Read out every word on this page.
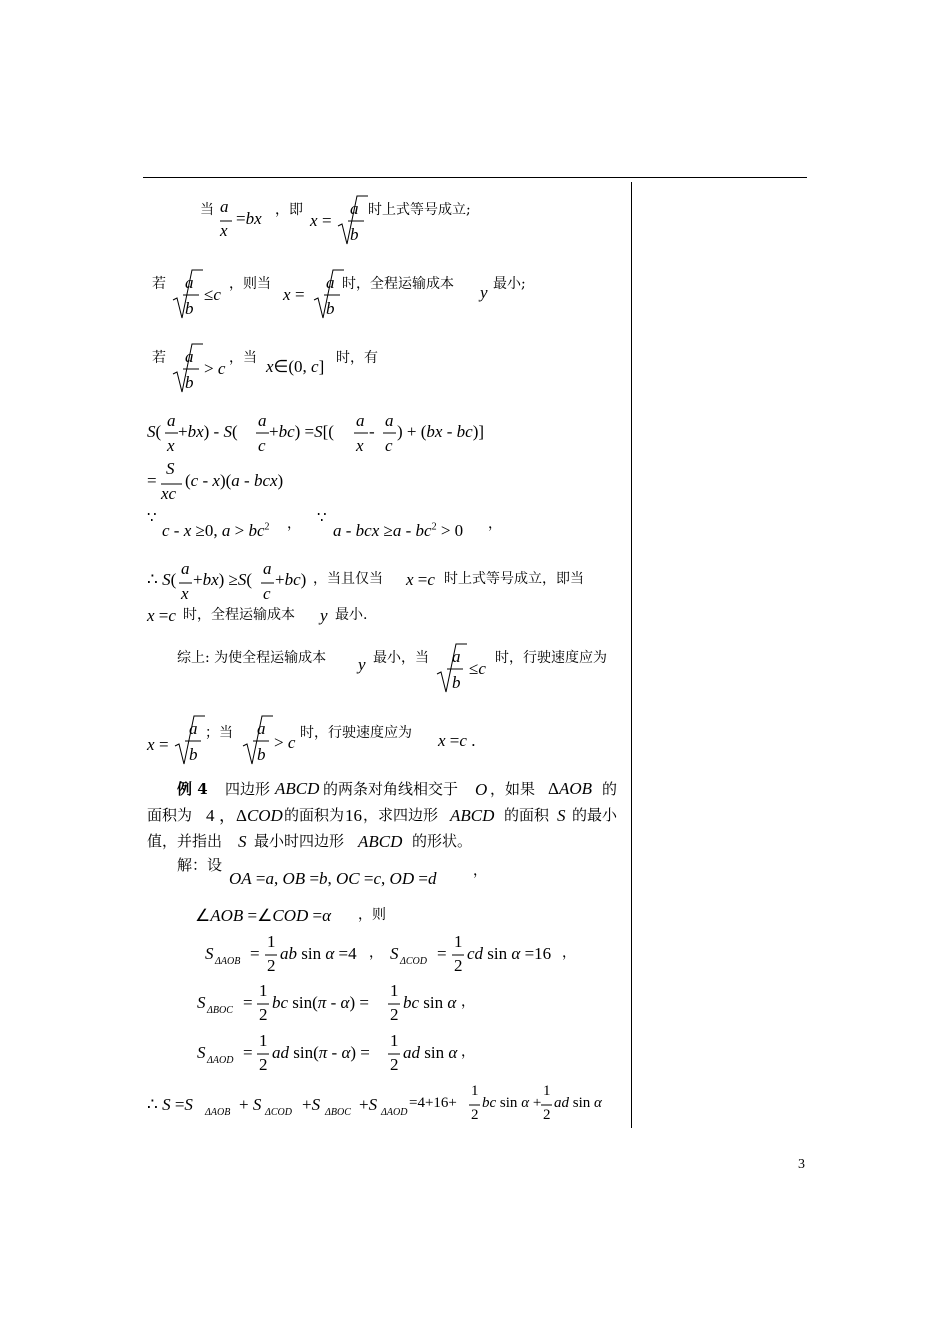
当 a
x
=bx ，即
x =
a
b
时上式等号成立;
若 a
b
≤c
，则当
x =
a
b
时，全程运输成本 y 最小;
若 a
b
> c
，当 x∈(0, c] 时，有
S(
a
x
+bx) - S(
a
c
+bc) =S[(
a
x
-
a
c
) + (bx - bc)]
=
S
xc
(c - x)(a - bcx)
∵
c - x ≥0, $a > bc^2$ ， ∵
a - bcx $\ge a - bc^2 > 0$ ，
∴ S(
a
x
+bx) ≥S(
a
c
+bc) ，当且仅当 x =c 时上式等号成立，即当
x =c 时，全程运输成本 y 最小.
综上: 为使全程运输成本 y 最小，当 a
b
≤c
时，行驶速度应为
x =
a
b
；当 a
b
> c 时，行驶速度应为 x =c .
例 4 四边形 ABCD 的两条对角线相交于 O ，如果 ΔAOB 的
面积为 4 ，ΔCOD 的面积为 16 ，求四边形 ABCD 的面积 S 的最小
值，并指出 S 最小时四边形 ABCD 的形状。
解：设
OA =a, OB =b, OC =c, OD =d	，
∠AOB =∠COD =α ，则
S ΔAOB =
1
2
ab sin α =4 ， S ΔCOD =
1
2
cd sin α =16 ，
S ΔBOC =
1
2
bc sin(π - α) =
1
2
bc sin α ，
S ΔAOD =
1
2
ad sin(π - α) =
1
2
ad sin α ，
∴ S =S ΔAOB + S ΔCOD +S ΔBOC +S ΔAOD
=4+16+
1
2
bc sin α +
1
2
ad sin α
3
